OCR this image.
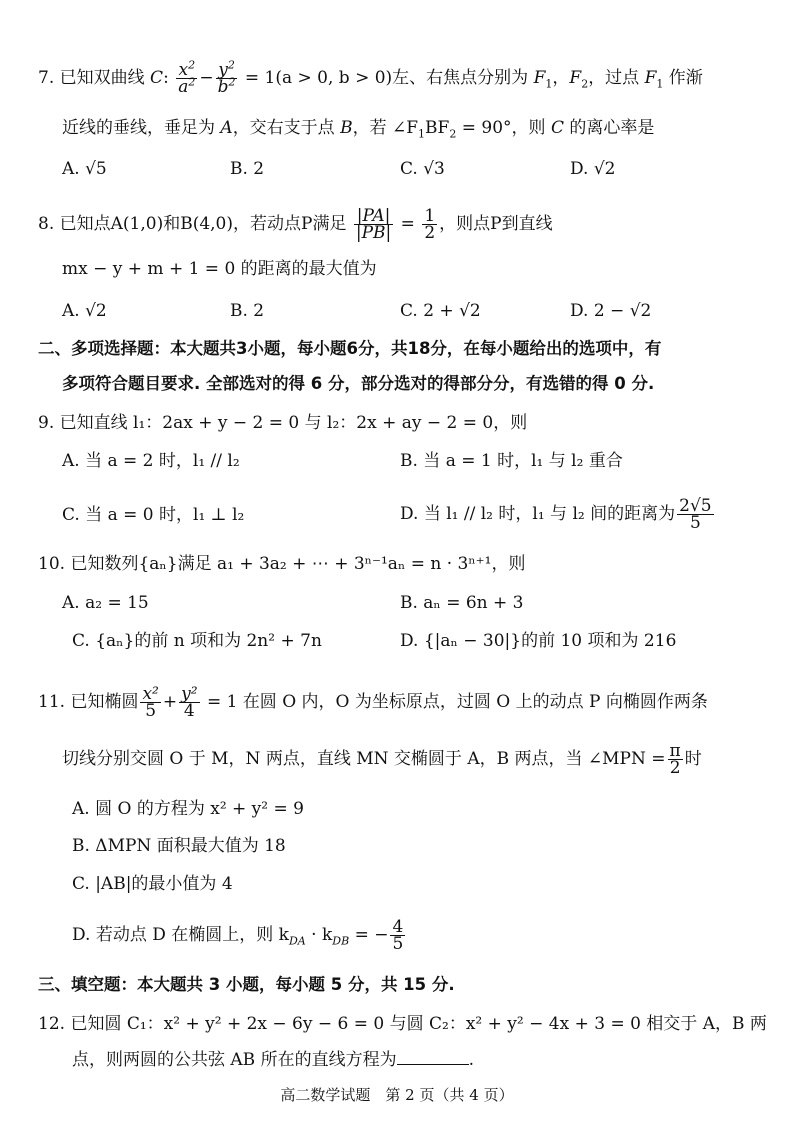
7. 已知双曲线 C: $\frac{x^2}{a^2} - \frac{y^2}{b^2} = 1(a > 0$, b > 0)左、右焦点分别为 $F_1$，$F_2$，过点 $F_1$ 作渐
近线的垂线，垂足为 A，交右支于点 B，若 $\angle F_1BF_2 = 90^\circ$，则 C 的离心率是
A. √5	B. 2	C. √3	D. √2
8. 已知点A(1,0)和B(4,0)，若动点P满足 $\frac{|PA|}{|PB|} = \frac{1}{2}$ ，则点P到直线
mx − y + m + 1 = 0 的距离的最大值为
A. √2	B. 2	C. 2 + √2	D. 2 − √2
二、多项选择题：本大题共3小题，每小题6分，共18分，在每小题给出的选项中，有
多项符合题目要求. 全部选对的得 6 分，部分选对的得部分分，有选错的得 0 分.
9. 已知直线 l₁：2ax + y − 2 = 0 与 l₂：2x + ay − 2 = 0，则
A. 当 a = 2 时，l₁ // l₂	B. 当 a = 1 时，l₁ 与 l₂ 重合
C. 当 a = 0 时，l₁ ⊥ l₂	D. 当 l₁ // l₂ 时，l₁ 与 l₂ 间的距离为 $\frac{2√5}{5}$
10. 已知数列{aₙ}满足 a₁ + 3a₂ + ⋯ + 3ⁿ⁻¹aₙ = n · 3ⁿ⁺¹，则
A. a₂ = 15	B. aₙ = 6n + 3
C. {aₙ}的前 n 项和为 2n² + 7n	D. {|aₙ − 30|}的前 10 项和为 216
11. 已知椭圆 $\frac{\text{x²}}{5} + \frac{\text{y²}}{4} = 1$ 在圆 O 内，O 为坐标原点，过圆 O 上的动点 P 向椭圆作两条
切线分别交圆 O 于 M，N 两点，直线 MN 交椭圆于 A，B 两点，当 ∠MPN = $\frac{\pi}{2}$ 时
A. 圆 O 的方程为 x² + y² = 9
B. ΔMPN 面积最大值为 18
C. |AB|的最小值为 4
D. 若动点 D 在椭圆上，则 $k_{DA} \cdot k_{DB}$ = − $\frac{4}{5}$
三、填空题：本大题共 3 小题，每小题 5 分，共 15 分.
12. 已知圆 C₁：x² + y² + 2x − 6y − 6 = 0 与圆 C₂：x² + y² − 4x + 3 = 0 相交于 A，B 两
点，则两圆的公共弦 AB 所在的直线方程为	.
高二数学试题　第 2 页（共 4 页）
